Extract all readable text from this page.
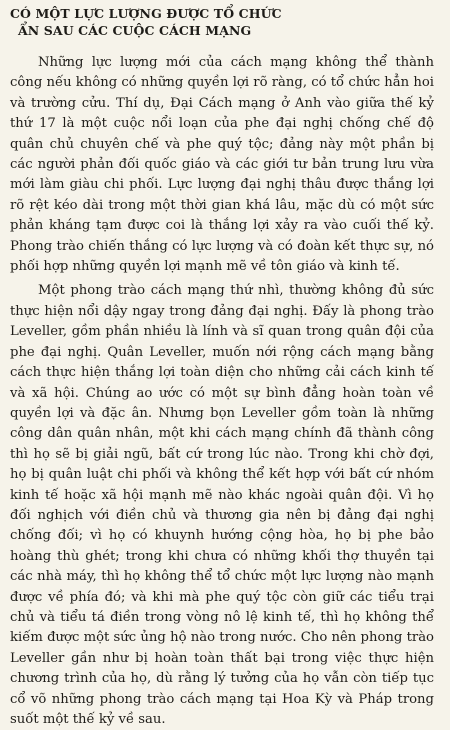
CÓ MỘT LỰC LƯỢNG ĐƯỢC TỔ CHỨC
ẨN SAU CÁC CUỘC CÁCH MẠNG

Những lực lượng mới của cách mạng không thể thành công nếu không có những quyền lợi rõ ràng, có tổ chức hẳn hoi và trường cửu. Thí dụ, Đại Cách mạng ở Anh vào giữa thế kỷ thứ 17 là một cuộc nổi loạn của phe đại nghị chống chế độ quân chủ chuyên chế và phe quý tộc; đảng này một phần bị các người phản đối quốc giáo và các giới tư bản trung lưu vừa mới làm giàu chi phối. Lực lượng đại nghị thâu được thắng lợi rõ rệt kéo dài trong một thời gian khá lâu, mặc dù có một sức phản kháng tạm được coi là thắng lợi xảy ra vào cuối thế kỷ. Phong trào chiến thắng có lực lượng và có đoàn kết thực sự, nó phối hợp những quyền lợi mạnh mẽ về tôn giáo và kinh tế.

Một phong trào cách mạng thứ nhì, thường không đủ sức thực hiện nổi dậy ngay trong đảng đại nghị. Đấy là phong trào Leveller, gồm phần nhiều là lính và sĩ quan trong quân đội của phe đại nghị. Quân Leveller, muốn nới rộng cách mạng bằng cách thực hiện thắng lợi toàn diện cho những cải cách kinh tế và xã hội. Chúng ao ước có một sự bình đẳng hoàn toàn về quyền lợi và đặc ân. Nhưng bọn Leveller gồm toàn là những công dân quân nhân, một khi cách mạng chính đã thành công thì họ sẽ bị giải ngũ, bất cứ trong lúc nào. Trong khi chờ đợi, họ bị quân luật chi phối và không thể kết hợp với bất cứ nhóm kinh tế hoặc xã hội mạnh mẽ nào khác ngoài quân đội. Vì họ đối nghịch với điền chủ và thương gia nên bị đảng đại nghị chống đối; vì họ có khuynh hướng cộng hòa, họ bị phe bảo hoàng thù ghét; trong khi chưa có những khối thợ thuyền tại các nhà máy, thì họ không thể tổ chức một lực lượng nào mạnh được về phía đó; và khi mà phe quý tộc còn giữ các tiểu trại chủ và tiểu tá điền trong vòng nô lệ kinh tế, thì họ không thể kiếm được một sức ủng hộ nào trong nước. Cho nên phong trào Leveller gần như bị hoàn toàn thất bại trong việc thực hiện chương trình của họ, dù rằng lý tưởng của họ vẫn còn tiếp tục cổ võ những phong trào cách mạng tại Hoa Kỳ và Pháp trong suốt một thế kỷ về sau.
